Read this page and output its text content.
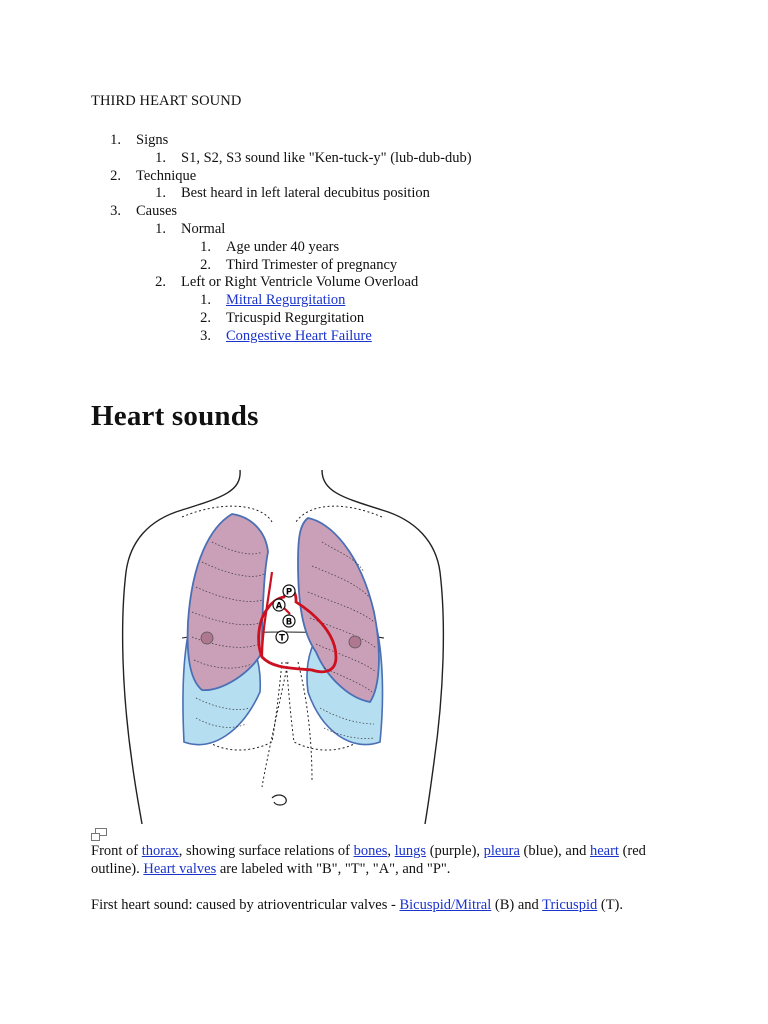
THIRD HEART SOUND
1. Signs
1. S1, S2, S3 sound like "Ken-tuck-y" (lub-dub-dub)
2. Technique
1. Best heard in left lateral decubitus position
3. Causes
1. Normal
1. Age under 40 years
2. Third Trimester of pregnancy
2. Left or Right Ventricle Volume Overload
1. Mitral Regurgitation
2. Tricuspid Regurgitation
3. Congestive Heart Failure
Heart sounds
P
A
B
T

Front of thorax, showing surface relations of bones, lungs (purple), pleura (blue), and heart (red outline). Heart valves are labeled with "B", "T", "A", and "P".

First heart sound: caused by atrioventricular valves - Bicuspid/Mitral (B) and Tricuspid (T).
